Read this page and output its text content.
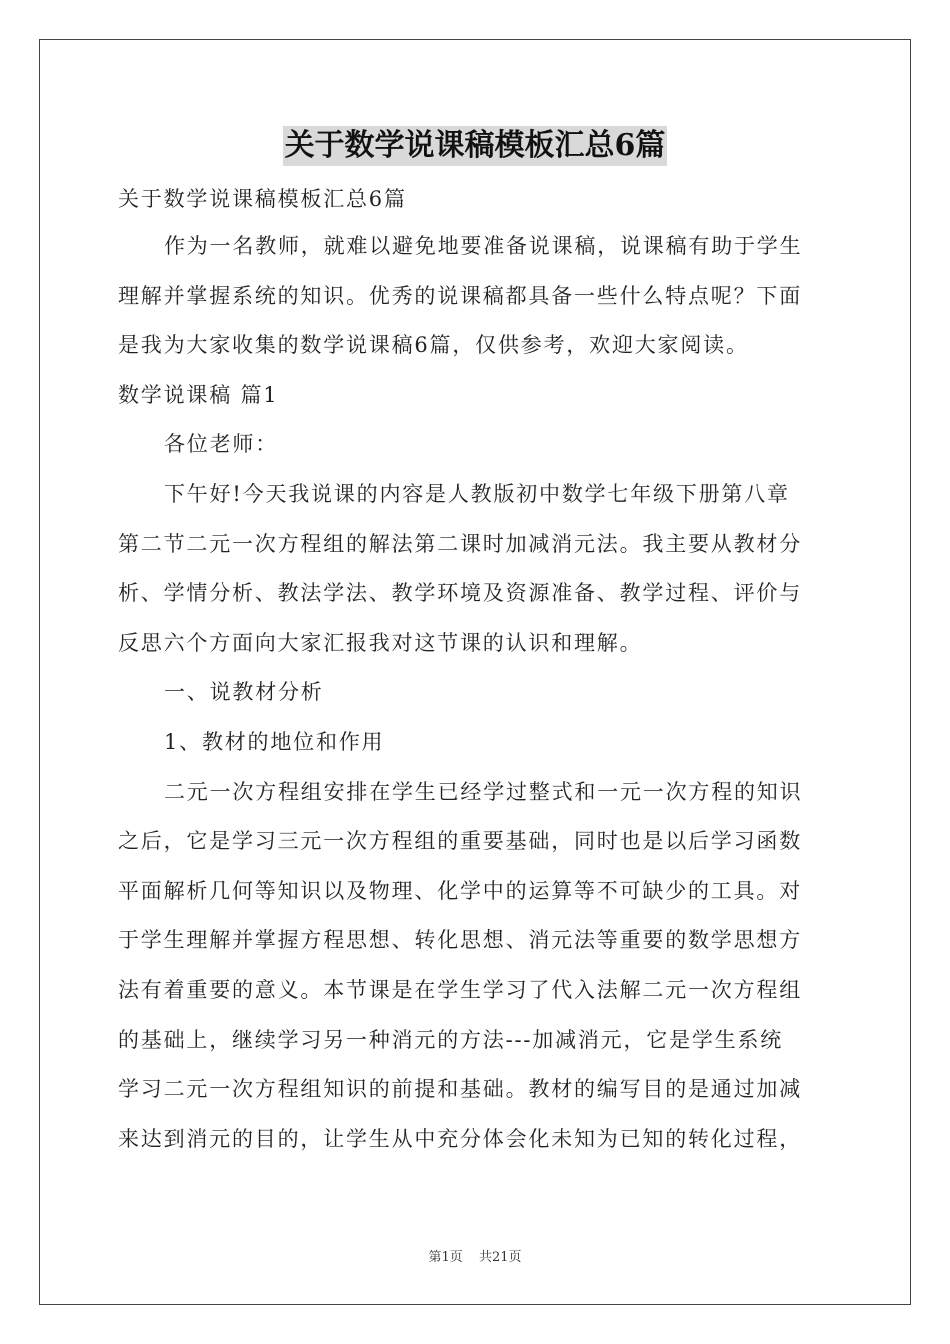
关于数学说课稿模板汇总6篇
关于数学说课稿模板汇总6篇
作为一名教师，就难以避免地要准备说课稿，说课稿有助于学生
理解并掌握系统的知识。优秀的说课稿都具备一些什么特点呢？下面
是我为大家收集的数学说课稿6篇，仅供参考，欢迎大家阅读。
数学说课稿 篇1
各位老师：
下午好!今天我说课的内容是人教版初中数学七年级下册第八章
第二节二元一次方程组的解法第二课时加减消元法。我主要从教材分
析、学情分析、教法学法、教学环境及资源准备、教学过程、评价与
反思六个方面向大家汇报我对这节课的认识和理解。
一、说教材分析
1、教材的地位和作用
二元一次方程组安排在学生已经学过整式和一元一次方程的知识
之后，它是学习三元一次方程组的重要基础，同时也是以后学习函数
平面解析几何等知识以及物理、化学中的运算等不可缺少的工具。对
于学生理解并掌握方程思想、转化思想、消元法等重要的数学思想方
法有着重要的意义。本节课是在学生学习了代入法解二元一次方程组
的基础上，继续学习另一种消元的方法---加减消元，它是学生系统
学习二元一次方程组知识的前提和基础。教材的编写目的是通过加减
来达到消元的目的，让学生从中充分体会化未知为已知的转化过程，
第1页 共21页
